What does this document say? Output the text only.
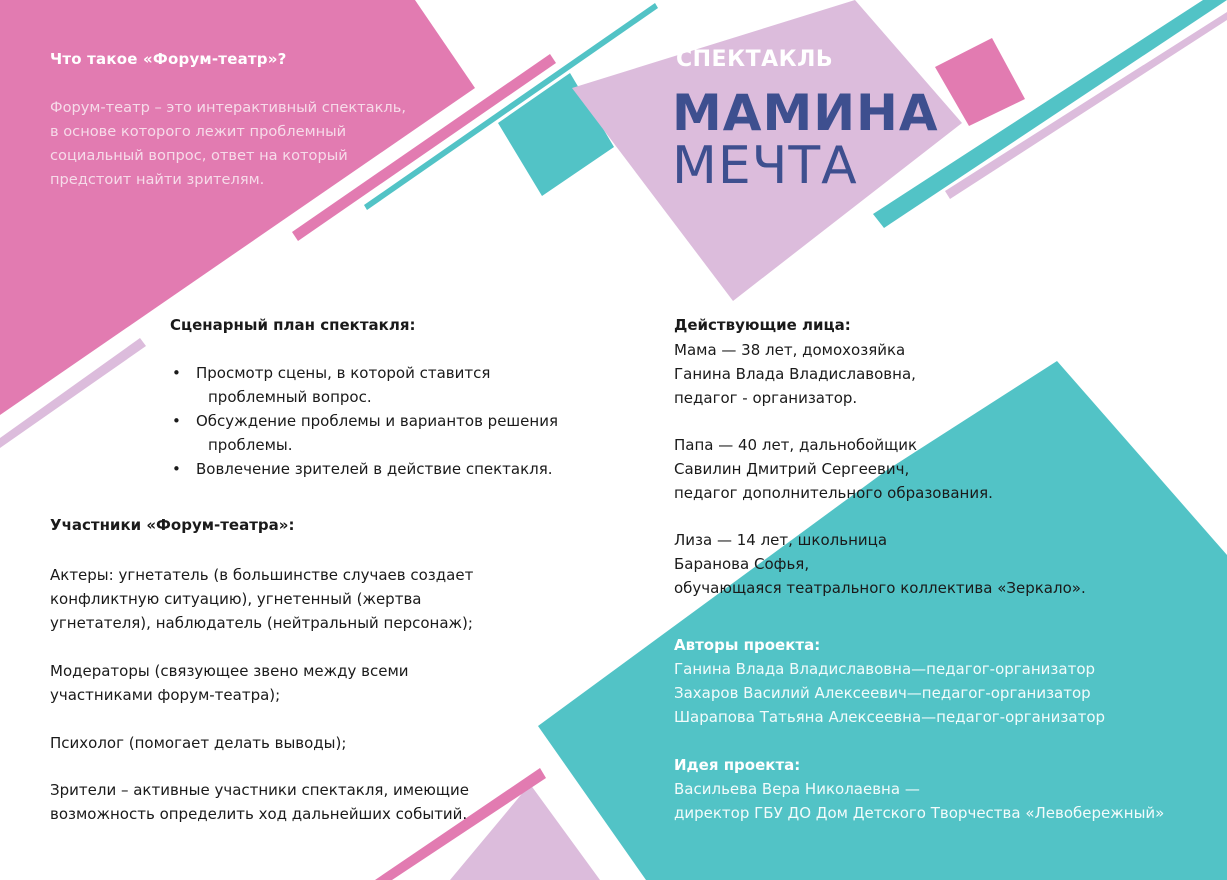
Что такое «Форум-театр»?

Форум-театр – это интерактивный спектакль,
в основе которого лежит проблемный
социальный вопрос, ответ на который
предстоит найти зрителям.

СПЕКТАКЛЬ

МАМИНА

МЕЧТА

Сценарный план спектакля:

• Просмотр сцены, в которой ставится
проблемный вопрос.
• Обсуждение проблемы и вариантов решения
проблемы.
• Вовлечение зрителей в действие спектакля.

Участники «Форум-театра»:

Актеры: угнетатель (в большинстве случаев создает
конфликтную ситуацию), угнетенный (жертва
угнетателя), наблюдатель (нейтральный персонаж);
Модераторы (связующее звено между всеми
участниками форум-театра);
Психолог (помогает делать выводы);
Зрители – активные участники спектакля, имеющие
возможность определить ход дальнейших событий.

Действующие лица:

Мама — 38 лет, домохозяйка
Ганина Влада Владиславовна,
педагог - организатор.
Папа — 40 лет, дальнобойщик
Савилин Дмитрий Сергеевич,
педагог дополнительного образования.
Лиза — 14 лет, школьница
Баранова Софья,
обучающаяся театрального коллектива «Зеркало».

Авторы проекта:

Ганина Влада Владиславовна—педагог-организатор
Захаров Василий Алексеевич—педагог-организатор
Шарапова Татьяна Алексеевна—педагог-организатор

Идея проекта:

Васильева Вера Николаевна —
директор ГБУ ДО Дом Детского Творчества «Левобережный»
